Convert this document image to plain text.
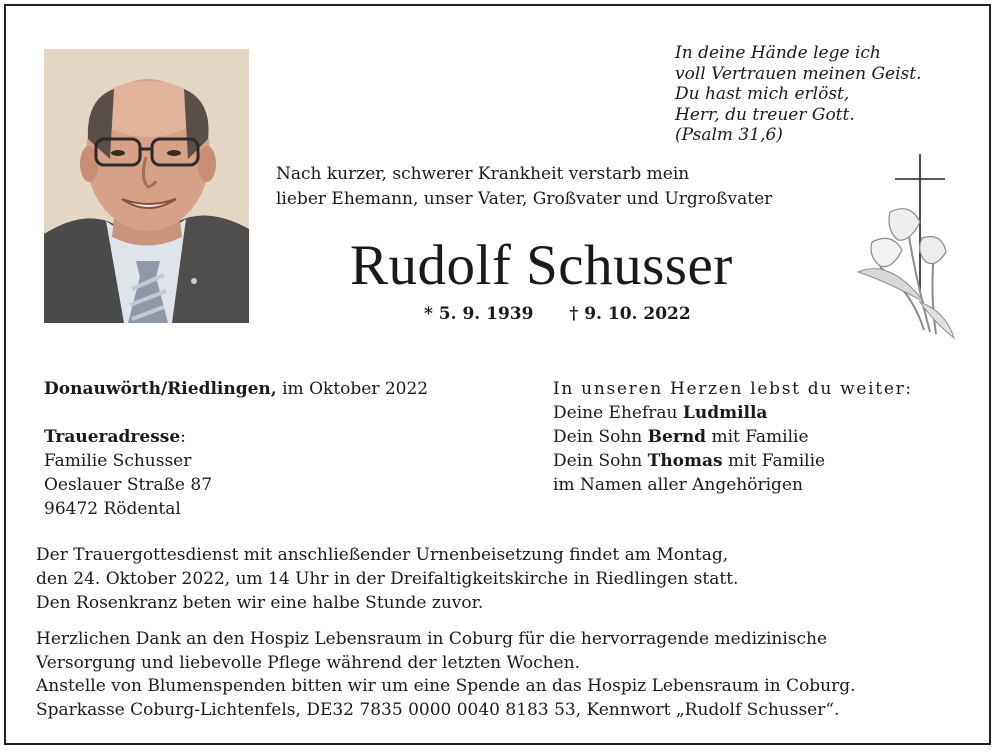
In deine Hände lege ich
voll Vertrauen meinen Geist.
Du hast mich erlöst,
Herr, du treuer Gott.
(Psalm 31,6)
Nach kurzer, schwerer Krankheit verstarb mein
lieber Ehemann, unser Vater, Großvater und Urgroßvater
Rudolf Schusser
* 5. 9. 1939 † 9. 10. 2022
Donauwörth/Riedlingen, im Oktober 2022
Traueradresse:
Familie Schusser
Oeslauer Straße 87
96472 Rödental
In unseren Herzen lebst du weiter:
Deine Ehefrau Ludmilla
Dein Sohn Bernd mit Familie
Dein Sohn Thomas mit Familie
im Namen aller Angehörigen
Der Trauergottesdienst mit anschließender Urnenbeisetzung findet am Montag,
den 24. Oktober 2022, um 14 Uhr in der Dreifaltigkeitskirche in Riedlingen statt.
Den Rosenkranz beten wir eine halbe Stunde zuvor.
Herzlichen Dank an den Hospiz Lebensraum in Coburg für die hervorragende medizinische
Versorgung und liebevolle Pflege während der letzten Wochen.
Anstelle von Blumenspenden bitten wir um eine Spende an das Hospiz Lebensraum in Coburg.
Sparkasse Coburg-Lichtenfels, DE32 7835 0000 0040 8183 53, Kennwort „Rudolf Schusser“.
